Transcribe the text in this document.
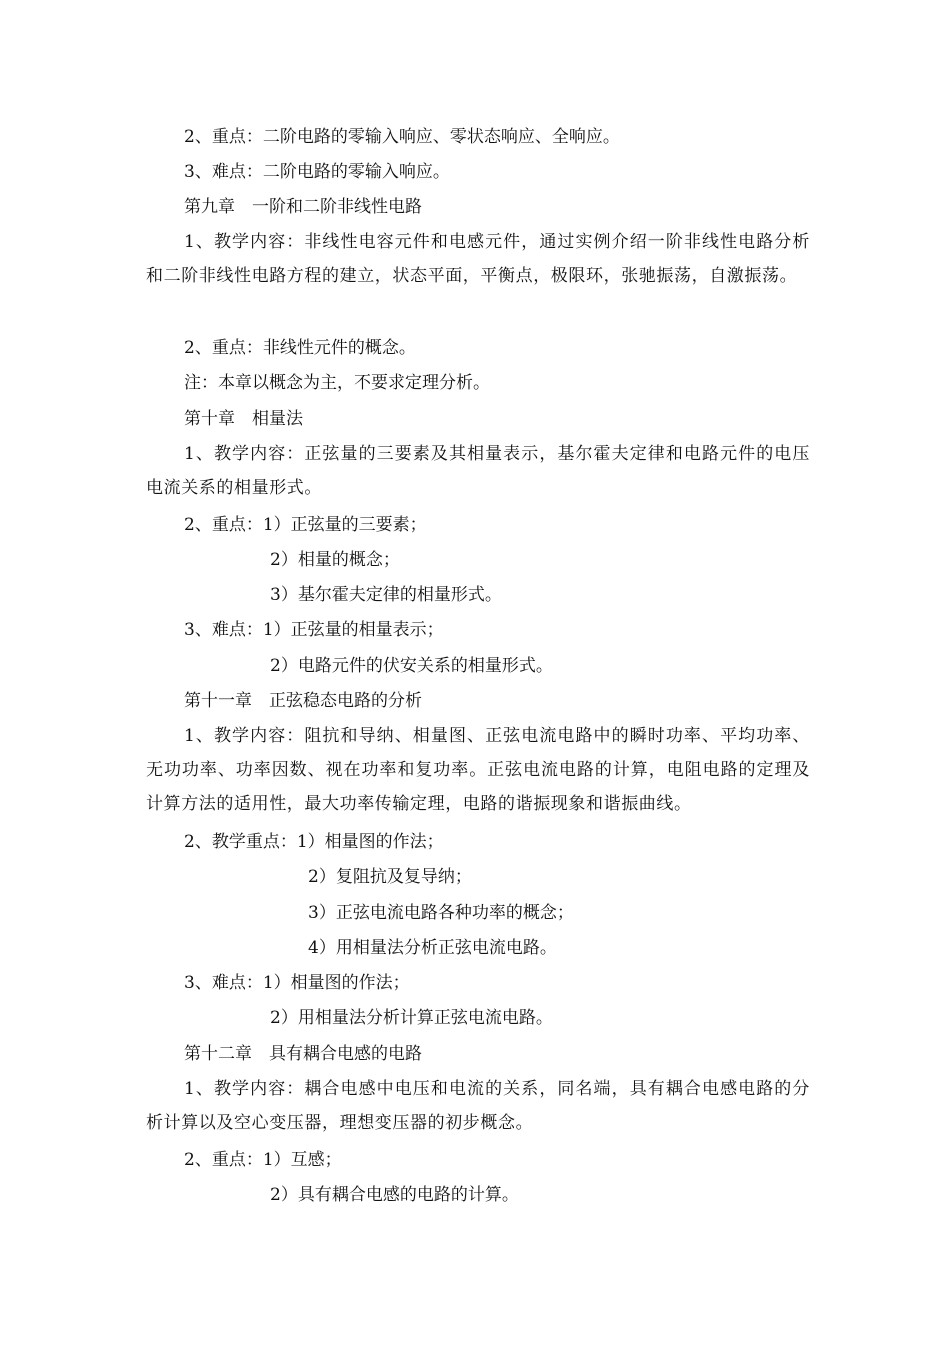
2、重点：二阶电路的零输入响应、零状态响应、全响应。
3、难点：二阶电路的零输入响应。
第九章　一阶和二阶非线性电路
1、教学内容：非线性电容元件和电感元件，通过实例介绍一阶非线性电路分析和二阶非线性电路方程的建立，状态平面，平衡点，极限环，张驰振荡，自激振荡。
2、重点：非线性元件的概念。
注：本章以概念为主，不要求定理分析。
第十章　相量法
1、教学内容：正弦量的三要素及其相量表示，基尔霍夫定律和电路元件的电压电流关系的相量形式。
2、重点：1）正弦量的三要素；
2）相量的概念；
3）基尔霍夫定律的相量形式。
3、难点：1）正弦量的相量表示；
2）电路元件的伏安关系的相量形式。
第十一章　正弦稳态电路的分析
1、教学内容：阻抗和导纳、相量图、正弦电流电路中的瞬时功率、平均功率、无功功率、功率因数、视在功率和复功率。正弦电流电路的计算，电阻电路的定理及计算方法的适用性，最大功率传输定理，电路的谐振现象和谐振曲线。
2、教学重点：1）相量图的作法；
2）复阻抗及复导纳；
3）正弦电流电路各种功率的概念；
4）用相量法分析正弦电流电路。
3、难点：1）相量图的作法；
2）用相量法分析计算正弦电流电路。
第十二章　具有耦合电感的电路
1、教学内容：耦合电感中电压和电流的关系，同名端，具有耦合电感电路的分析计算以及空心变压器，理想变压器的初步概念。
2、重点：1）互感；
2）具有耦合电感的电路的计算。
